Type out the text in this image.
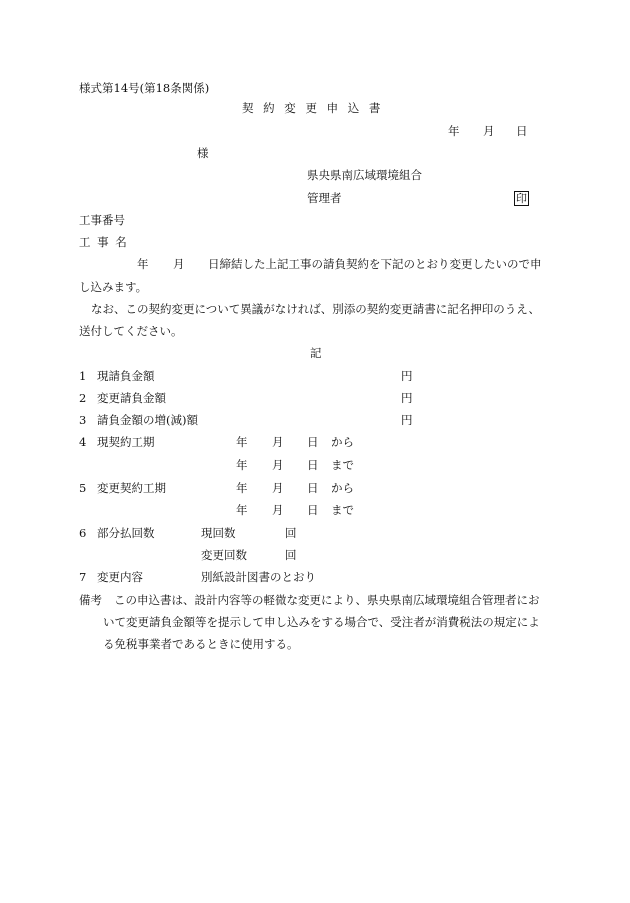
様式第14号(第18条関係)
契 約 変 更 申 込 書
年 月 日
様
県央県南広域環境組合
管理者	印
工事番号
工 事 名
年 月 日締結した上記工事の請負契約を下記のとおり変更したいので申
し込みます。
なお、この契約変更について異議がなければ、別添の契約変更請書に記名押印のうえ、
送付してください。
記
1 現請負金額	円
2 変更請負金額	円
3 請負金額の増(減)額	円
4 現契約工期	年 月 日 から
年 月 日 まで
5 変更契約工期	年 月 日 から
年 月 日 まで
6 部分払回数	現回数	回
変更回数	回
7 変更内容	別紙設計図書のとおり
備考 この申込書は、設計内容等の軽微な変更により、県央県南広域環境組合管理者にお
いて変更請負金額等を提示して申し込みをする場合で、受注者が消費税法の規定によ
る免税事業者であるときに使用する。
